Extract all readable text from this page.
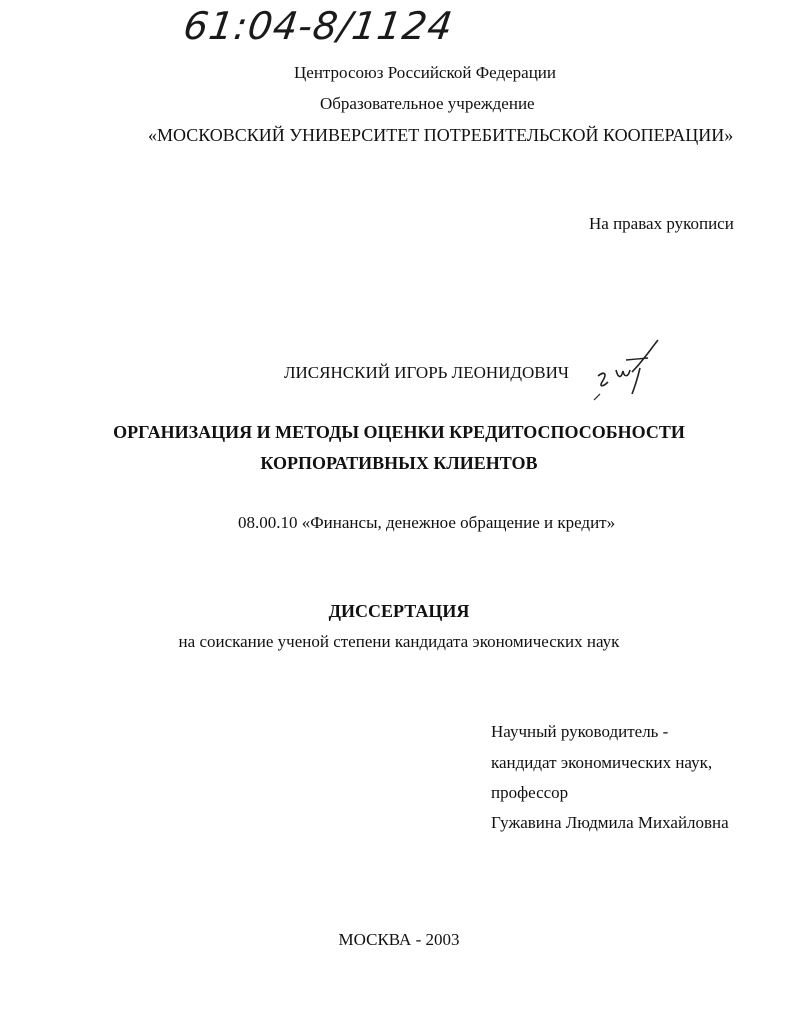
61:04-8/1124
Центросоюз Российской Федерации
Образовательное учреждение
«МОСКОВСКИЙ УНИВЕРСИТЕТ ПОТРЕБИТЕЛЬСКОЙ КООПЕРАЦИИ»
На правах рукописи
ЛИСЯНСКИЙ ИГОРЬ ЛЕОНИДОВИЧ
ОРГАНИЗАЦИЯ И МЕТОДЫ ОЦЕНКИ КРЕДИТОСПОСОБНОСТИ
КОРПОРАТИВНЫХ КЛИЕНТОВ
08.00.10 «Финансы, денежное обращение и кредит»
ДИССЕРТАЦИЯ
на соискание ученой степени кандидата экономических наук
Научный руководитель -
кандидат экономических наук,
профессор
Гужавина Людмила Михайловна
МОСКВА - 2003
